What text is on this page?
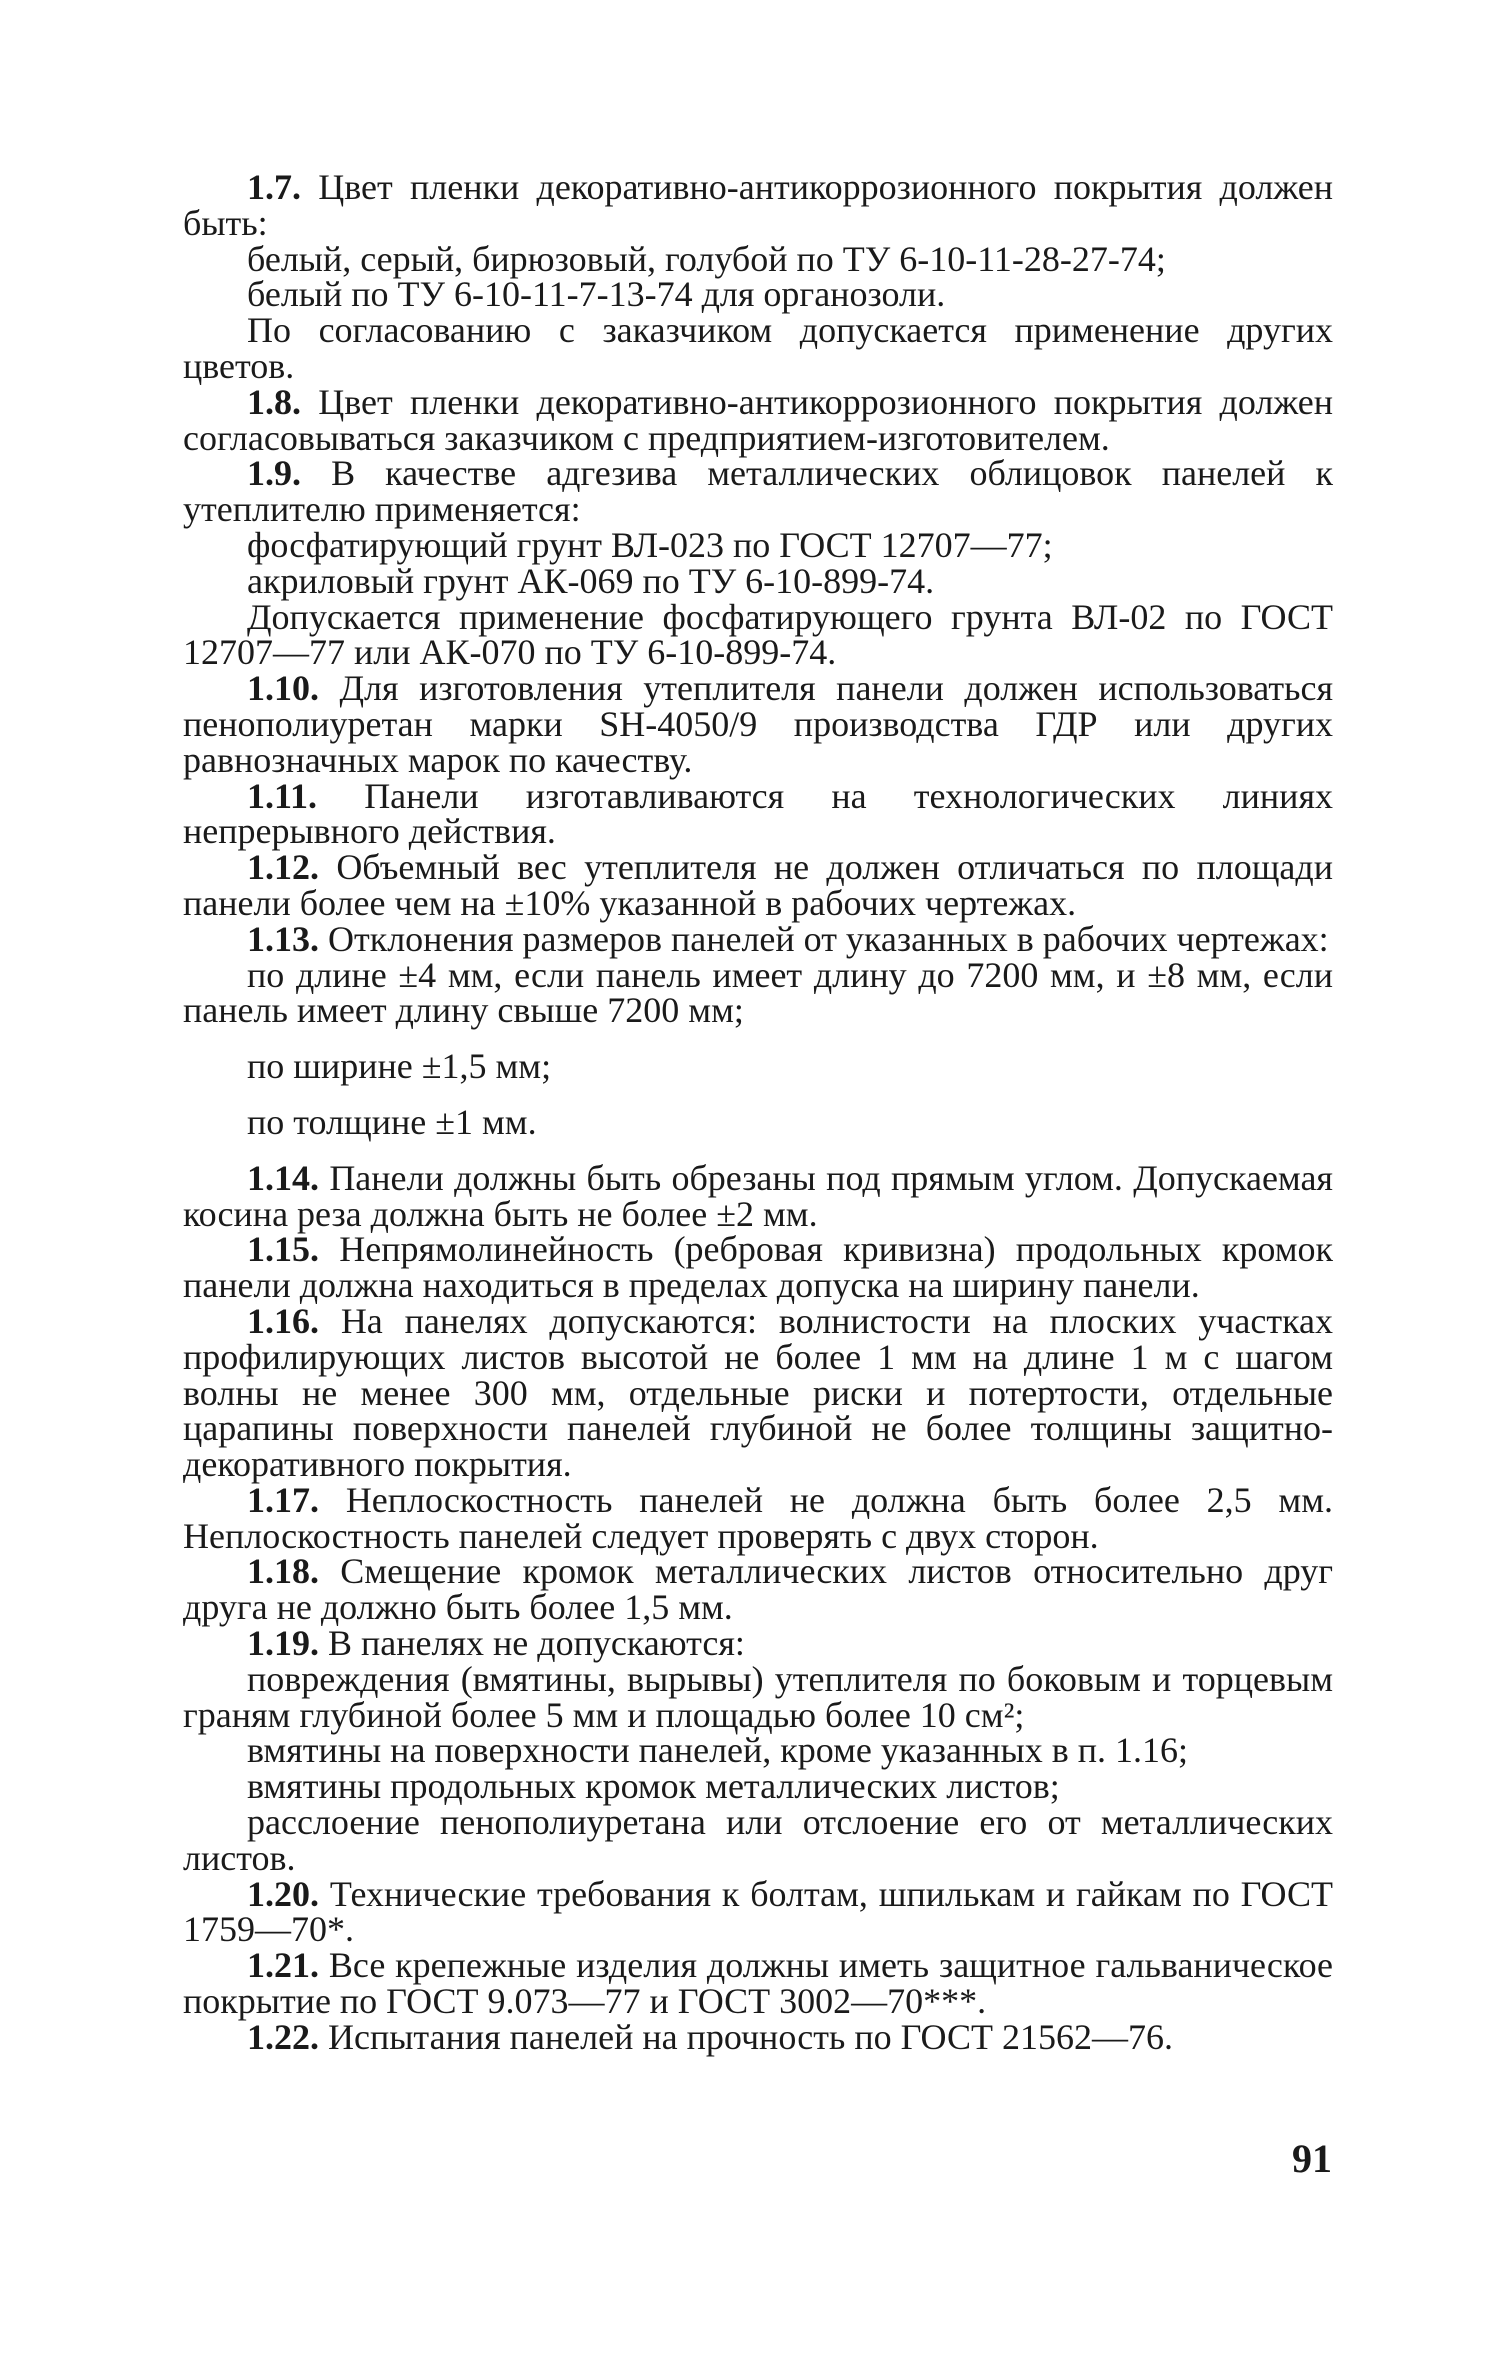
1.7. Цвет пленки декоративно-антикоррозионного покрытия должен быть:

белый, серый, бирюзовый, голубой по ТУ 6-10-11-28-27-74;

белый по ТУ 6-10-11-7-13-74 для органозоли.

По согласованию с заказчиком допускается применение других цветов.

1.8. Цвет пленки декоративно-антикоррозионного покрытия должен согласовываться заказчиком с предприятием-изготовителем.

1.9. В качестве адгезива металлических облицовок панелей к утеплителю применяется:

фосфатирующий грунт ВЛ-023 по ГОСТ 12707—77;

акриловый грунт АК-069 по ТУ 6-10-899-74.

Допускается применение фосфатирующего грунта ВЛ-02 по ГОСТ 12707—77 или АК-070 по ТУ 6-10-899-74.

1.10. Для изготовления утеплителя панели должен использоваться пенополиуретан марки SH-4050/9 производства ГДР или других равнозначных марок по качеству.

1.11. Панели изготавливаются на технологических линиях непрерывного действия.

1.12. Объемный вес утеплителя не должен отличаться по площади панели более чем на ±10% указанной в рабочих чертежах.

1.13. Отклонения размеров панелей от указанных в рабочих чертежах:

по длине ±4 мм, если панель имеет длину до 7200 мм, и ±8 мм, если панель имеет длину свыше 7200 мм;

по ширине ±1,5 мм;

по толщине ±1 мм.

1.14. Панели должны быть обрезаны под прямым углом. Допускаемая косина реза должна быть не более ±2 мм.

1.15. Непрямолинейность (ребровая кривизна) продольных кромок панели должна находиться в пределах допуска на ширину панели.

1.16. На панелях допускаются: волнистости на плоских участках профилирующих листов высотой не более 1 мм на длине 1 м с шагом волны не менее 300 мм, отдельные риски и потертости, отдельные царапины поверхности панелей глубиной не более толщины защитно-декоративного покрытия.

1.17. Неплоскостность панелей не должна быть более 2,5 мм. Неплоскостность панелей следует проверять с двух сторон.

1.18. Смещение кромок металлических листов относительно друг друга не должно быть более 1,5 мм.

1.19. В панелях не допускаются:

повреждения (вмятины, вырывы) утеплителя по боковым и торцевым граням глубиной более 5 мм и площадью более 10 см²;

вмятины на поверхности панелей, кроме указанных в п. 1.16;

вмятины продольных кромок металлических листов;

расслоение пенополиуретана или отслоение его от металлических листов.

1.20. Технические требования к болтам, шпилькам и гайкам по ГОСТ 1759—70*.

1.21. Все крепежные изделия должны иметь защитное гальваническое покрытие по ГОСТ 9.073—77 и ГОСТ 3002—70***.

1.22. Испытания панелей на прочность по ГОСТ 21562—76.

91
